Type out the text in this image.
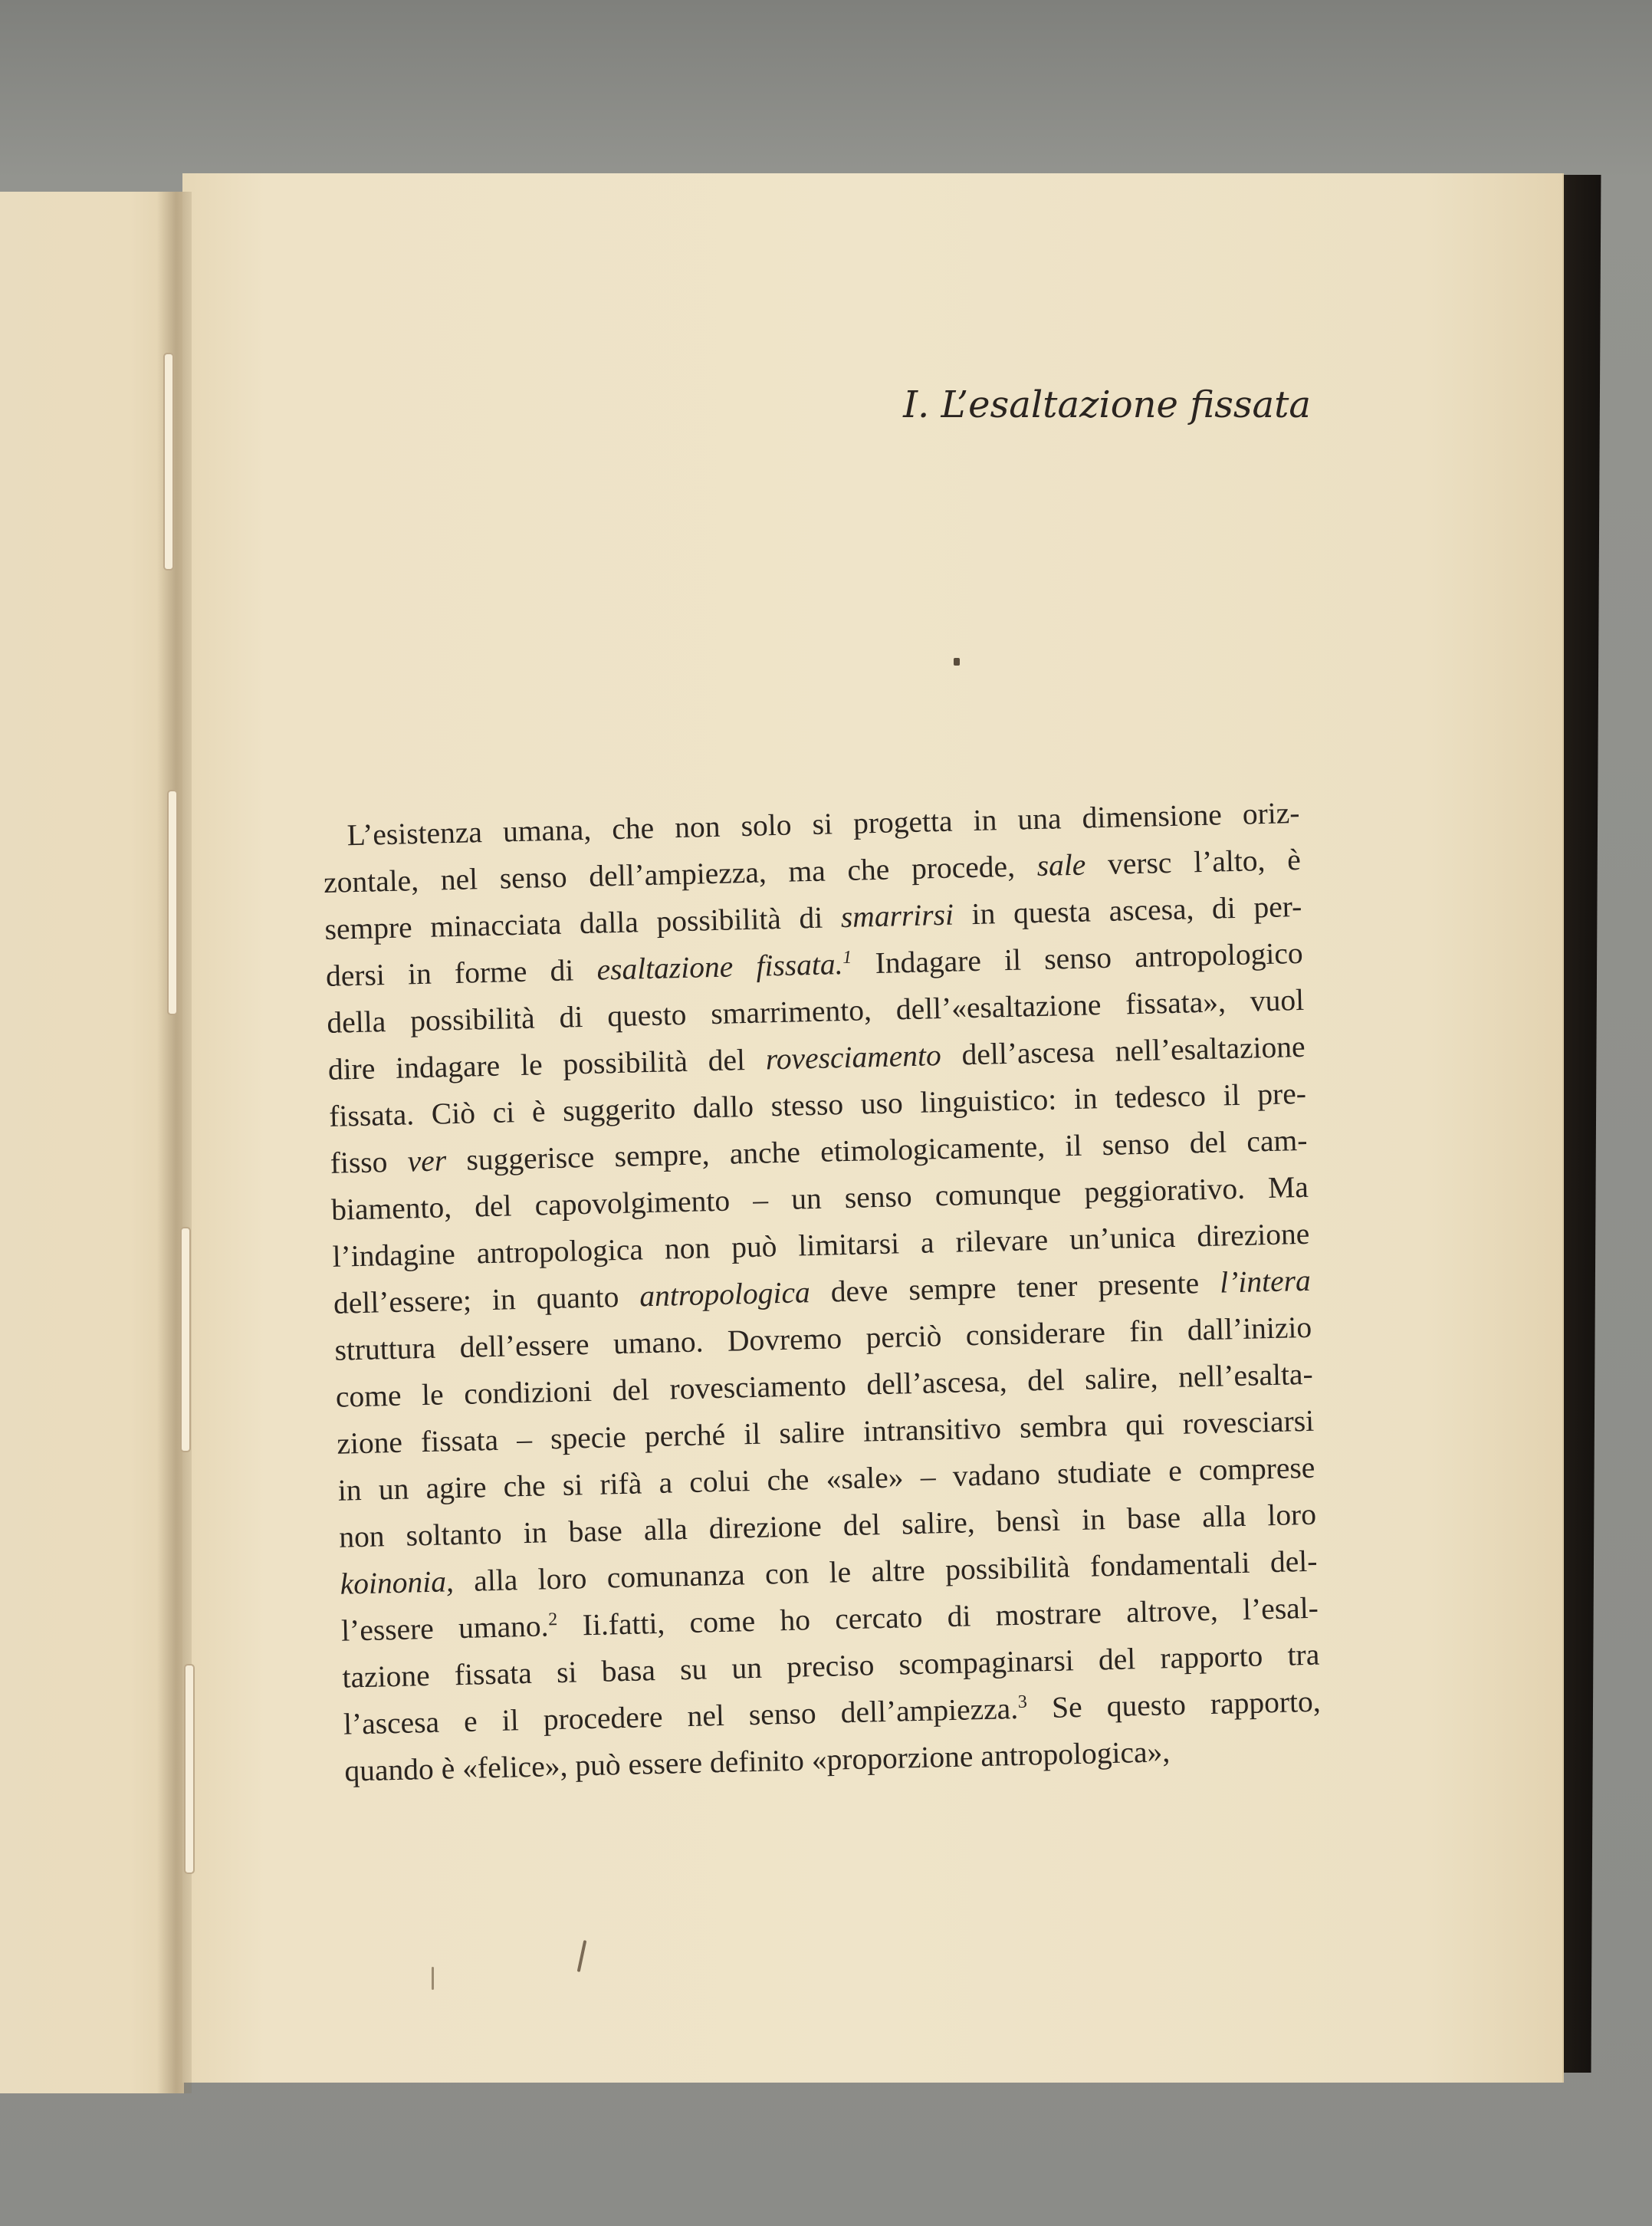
I. L’esaltazione fissata
L’esistenza umana, che non solo si progetta in una dimensione oriz-
zontale, nel senso dell’ampiezza, ma che procede, sale versc l’alto, è
sempre minacciata dalla possibilità di smarrirsi in questa ascesa, di per-
dersi in forme di esaltazione fissata.$^1$ Indagare il senso antropologico
della possibilità di questo smarrimento, dell’«esaltazione fissata», vuol
dire indagare le possibilità del rovesciamento dell’ascesa nell’esaltazione
fissata. Ciò ci è suggerito dallo stesso uso linguistico: in tedesco il pre-
fisso ver suggerisce sempre, anche etimologicamente, il senso del cam-
biamento, del capovolgimento – un senso comunque peggiorativo. Ma
l’indagine antropologica non può limitarsi a rilevare un’unica direzione
dell’essere; in quanto antropologica deve sempre tener presente l’intera
struttura dell’essere umano. Dovremo perciò considerare fin dall’inizio
come le condizioni del rovesciamento dell’ascesa, del salire, nell’esalta-
zione fissata – specie perché il salire intransitivo sembra qui rovesciarsi
in un agire che si rifà a colui che «sale» – vadano studiate e comprese
non soltanto in base alla direzione del salire, bensì in base alla loro
koinonia, alla loro comunanza con le altre possibilità fondamentali del-
l’essere umano.$^2$ Ii.fatti, come ho cercato di mostrare altrove, l’esal-
tazione fissata si basa su un preciso scompaginarsi del rapporto tra
l’ascesa e il procedere nel senso dell’ampiezza.$^3$ Se questo rapporto,
quando è «felice», può essere definito «proporzione antropologica»,
